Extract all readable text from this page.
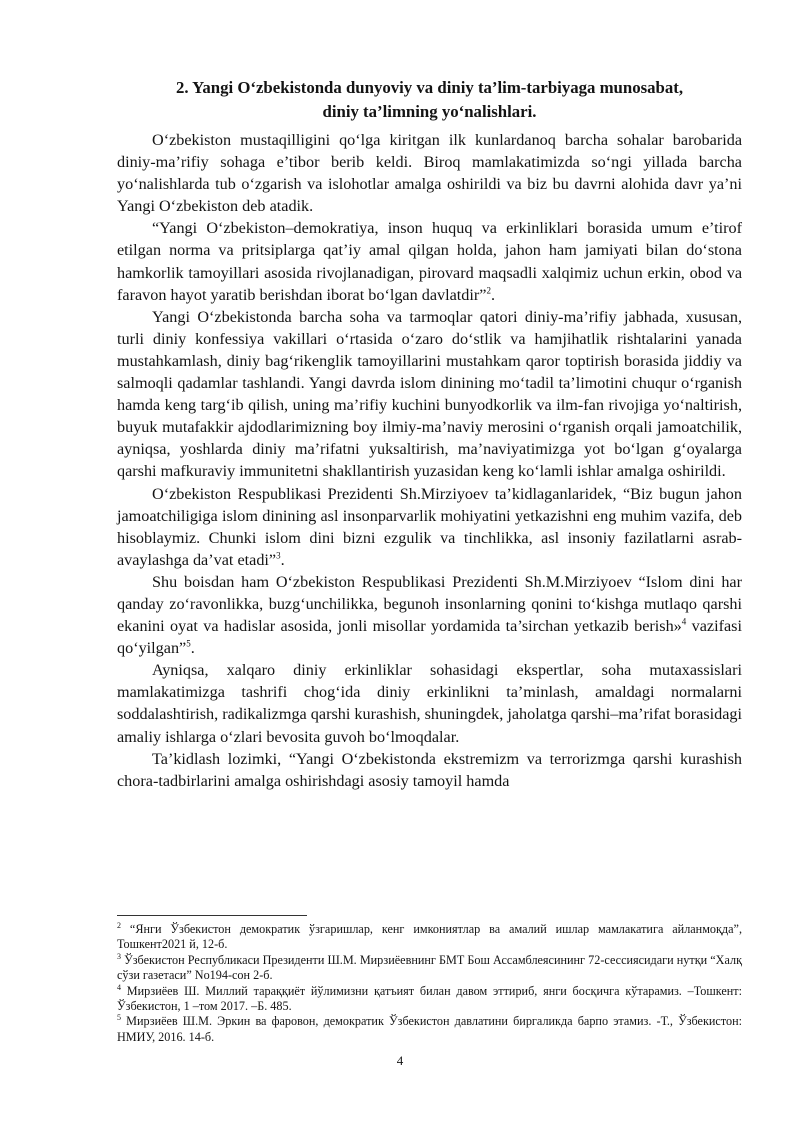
2. Yangi O‘zbekistonda dunyoviy va diniy ta’lim-tarbiyaga munosabat,
diniy ta’limning yo‘nalishlari.

O‘zbekiston mustaqilligini qo‘lga kiritgan ilk kunlardanoq barcha sohalar barobarida diniy-ma’rifiy sohaga e’tibor berib keldi. Biroq mamlakatimizda so‘ngi yillada barcha yo‘nalishlarda tub o‘zgarish va islohotlar amalga oshirildi va biz bu davrni alohida davr ya’ni Yangi O‘zbekiston deb atadik.

“Yangi O‘zbekiston–demokratiya, inson huquq va erkinliklari borasida umum e’tirof etilgan norma va pritsiplarga qat’iy amal qilgan holda, jahon ham jamiyati bilan do‘stona hamkorlik tamoyillari asosida rivojlanadigan, pirovard maqsadli xalqimiz uchun erkin, obod va faravon hayot yaratib berishdan iborat bo‘lgan davlatdir”$^2$.

Yangi O‘zbekistonda barcha soha va tarmoqlar qatori diniy-ma’rifiy jabhada, xususan, turli diniy konfessiya vakillari o‘rtasida o‘zaro do‘stlik va hamjihatlik rishtalarini yanada mustahkamlash, diniy bag‘rikenglik tamoyillarini mustahkam qaror toptirish borasida jiddiy va salmoqli qadamlar tashlandi. Yangi davrda islom dinining mo‘tadil ta’limotini chuqur o‘rganish hamda keng targ‘ib qilish, uning ma’rifiy kuchini bunyodkorlik va ilm-fan rivojiga yo‘naltirish, buyuk mutafakkir ajdodlarimizning boy ilmiy-ma’naviy merosini o‘rganish orqali jamoatchilik, ayniqsa, yoshlarda diniy ma’rifatni yuksaltirish, ma’naviyatimizga yot bo‘lgan g‘oyalarga qarshi mafkuraviy immunitetni shakllantirish yuzasidan keng ko‘lamli ishlar amalga oshirildi.

O‘zbekiston Respublikasi Prezidenti Sh.Mirziyoev ta’kidlaganlaridek, “Biz bugun jahon jamoatchiligiga islom dinining asl insonparvarlik mohiyatini yetkazishni eng muhim vazifa, deb hisoblaymiz. Chunki islom dini bizni ezgulik va tinchlikka, asl insoniy fazilatlarni asrab-avaylashga da’vat etadi”$^3$.

Shu boisdan ham O‘zbekiston Respublikasi Prezidenti Sh.M.Mirziyoev “Islom dini har qanday zo‘ravonlikka, buzg‘unchilikka, begunoh insonlarning qonini to‘kishga mutlaqo qarshi ekanini oyat va hadislar asosida, jonli misollar yordamida ta’sirchan yetkazib berish»$^4$ vazifasi qo‘yilgan”$^5$.

Ayniqsa, xalqaro diniy erkinliklar sohasidagi ekspertlar, soha mutaxassislari mamlakatimizga tashrifi chog‘ida diniy erkinlikni ta’minlash, amaldagi normalarni soddalashtirish, radikalizmga qarshi kurashish, shuningdek, jaholatga qarshi–ma’rifat borasidagi amaliy ishlarga o‘zlari bevosita guvoh bo‘lmoqdalar.

Ta’kidlash lozimki, “Yangi O‘zbekistonda ekstremizm va terrorizmga qarshi kurashish chora-tadbirlarini amalga oshirishdagi asosiy tamoyil hamda

$^2$ “Янги Ўзбекистон демократик ўзгаришлар, кенг имкониятлар ва амалий ишлар мамлакатига айланмоқда”, Тошкент2021 й, 12-б.

$^3$ Ўзбекистон Республикаси Президенти Ш.М. Мирзиёевнинг БМТ Бош Ассамблеясининг 72-сессиясидаги нутқи “Халқ сўзи газетаси” No194-сон 2-б.

$^4$ Мирзиёев Ш. Миллий тараққиёт йўлимизни қатъият билан давом эттириб, янги босқичга кўтарамиз. –Тошкент: Ўзбекистон, 1 –том 2017. –Б. 485.

$^5$ Мирзиёев Ш.М. Эркин ва фаровон, демократик Ўзбекистон давлатини биргаликда барпо этамиз. -Т., Ўзбекистон: НМИУ, 2016. 14-б.

4
